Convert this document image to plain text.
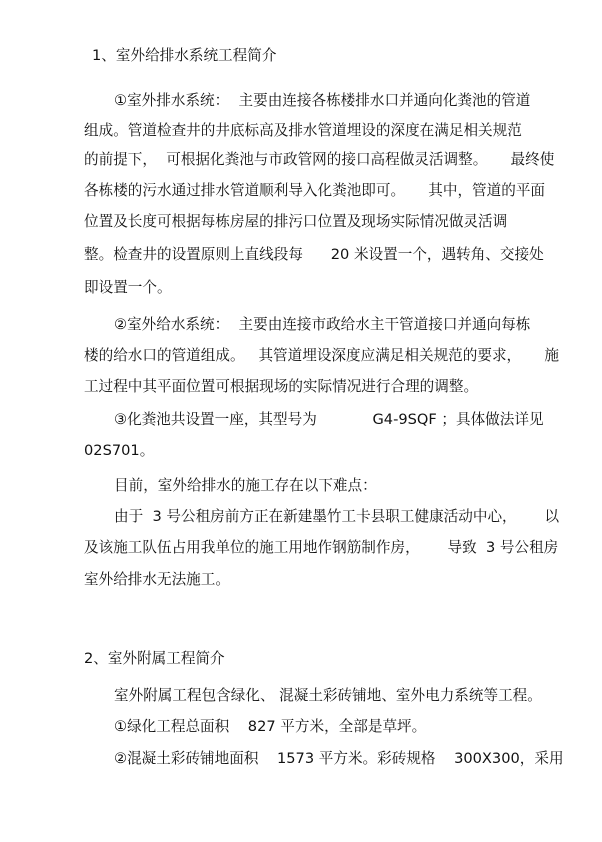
1、室外给排水系统工程简介
①室外排水系统：  主要由连接各栋楼排水口并通向化粪池的管道
组成。管道检查井的井底标高及排水管道埋设的深度在满足相关规范
的前提下，  可根据化粪池与市政管网的接口高程做灵活调整。     最终使
各栋楼的污水通过排水管道顺利导入化粪池即可。     其中，管道的平面
位置及长度可根据每栋房屋的排污口位置及现场实际情况做灵活调
整。检查井的设置原则上直线段每      20 米设置一个，遇转角、交接处
即设置一个。
②室外给水系统：  主要由连接市政给水主干管道接口并通向每栋
楼的给水口的管道组成。   其管道埋设深度应满足相关规范的要求，     施
工过程中其平面位置可根据现场的实际情况进行合理的调整。
③化粪池共设置一座，其型号为            G4-9SQF ；具体做法详见
02S701。
目前，室外给排水的施工存在以下难点：
由于  3 号公租房前方正在新建墨竹工卡县职工健康活动中心，      以
及该施工队伍占用我单位的施工用地作钢筋制作房，      导致  3 号公租房
室外给排水无法施工。
2、室外附属工程简介
室外附属工程包含绿化、 混凝土彩砖铺地、室外电力系统等工程。
①绿化工程总面积    827 平方米，全部是草坪。
②混凝土彩砖铺地面积    1573 平方米。彩砖规格    300X300，采用
